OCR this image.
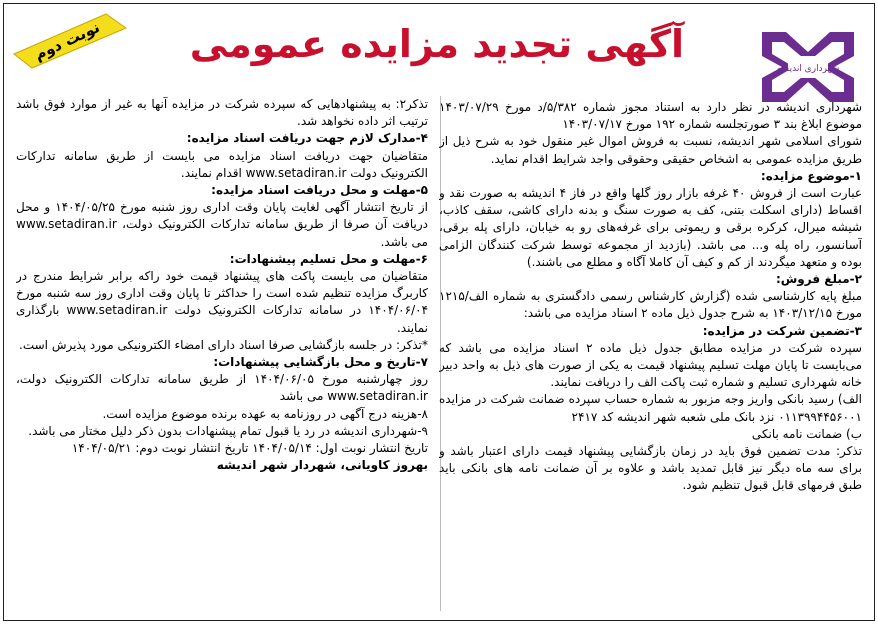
نوبت دوم آگهی تجدید مزایده عمومی
شهرداری اندیشه

شهرداری اندیشه در نظر دارد به استناد مجوز شماره ۵/۳۸۲/د مورخ ۱۴۰۳/۰۷/۲۹ موضوع ابلاغ بند ۳ صورتجلسه شماره ۱۹۲ مورخ ۱۴۰۳/۰۷/۱۷

شورای اسلامی شهر اندیشه، نسبت به فروش اموال غیر منقول خود به شرح ذیل از طریق مزایده عمومی به اشخاص حقیقی وحقوقی واجد شرایط اقدام نماید.

۱-موضوع مزایده:

عبارت است از فروش ۴۰ غرفه بازار روز گلها واقع در فاز ۴ اندیشه به صورت نقد و اقساط (دارای اسکلت بتنی، کف به صورت سنگ و بدنه دارای کاشی، سقف کاذب، شیشه میرال، کرکره برقی و ریموتی برای غرفه‌های رو به خیابان، دارای پله برقی، آسانسور، راه پله و... می باشد. (بازدید از مجموعه توسط شرکت کنندگان الزامی بوده و متعهد میگردند از کم و کیف آن کاملا آگاه و مطلع می باشند.)

۲-مبلغ فروش:

مبلغ پایه کارشناسی شده (گزارش کارشناس رسمی دادگستری به شماره الف/۱۲۱۵ مورخ ۱۴۰۳/۱۲/۱۵ به شرح جدول ذیل ماده ۲ اسناد مزایده می باشد:

۳-تضمین شرکت در مزایده:

سپرده شرکت در مزایده مطابق جدول ذیل ماده ۲ اسناد مزایده می باشد که می‌بایست تا پایان مهلت تسلیم پیشنهاد قیمت به یکی از صورت های ذیل به واحد دبیر خانه شهرداری تسلیم و شماره ثبت پاکت الف را دریافت نمایند.

الف) رسید بانکی واریز وجه مزبور به شماره حساب سپرده ضمانت شرکت در مزایده ۰۱۱۳۹۹۴۴۵۶۰۰۱ نزد بانک ملی شعبه شهر اندیشه کد ۲۴۱۷

ب) ضمانت نامه بانکی

تذکر: مدت تضمین فوق باید در زمان بازگشایی پیشنهاد قیمت دارای اعتبار باشد و برای سه ماه دیگر نیز قابل تمدید باشد و علاوه بر آن ضمانت نامه های بانکی باید طبق فرمهای قابل قبول تنظیم شود.

تذکر۲: به پیشنهادهایی که سپرده شرکت در مزایده آنها به غیر از موارد فوق باشد ترتیب اثر داده نخواهد شد.

۴-مدارک لازم جهت دریافت اسناد مزایده:

متقاضیان جهت دریافت اسناد مزایده می بایست از طریق سامانه تدارکات الکترونیک دولت www.setadiran.ir اقدام نمایند.

۵-مهلت و محل دریافت اسناد مزایده:

از تاریخ انتشار آگهی لغایت پایان وقت اداری روز شنبه مورخ ۱۴۰۴/۰۵/۲۵ و محل دریافت آن صرفا از طریق سامانه تدارکات الکترونیک دولت، www.setadiran.ir می باشد.

۶-مهلت و محل تسلیم پیشنهادات:

متقاضیان می بایست پاکت های پیشنهاد قیمت خود راکه برابر شرایط مندرج در کاربرگ مزایده تنظیم شده است را حداکثر تا پایان وقت اداری روز سه شنبه مورخ ۱۴۰۴/۰۶/۰۴ در سامانه تدارکات الکترونیک دولت www.setadiran.ir بارگذاری نمایند.

*تذکر: در جلسه بازگشایی صرفا اسناد دارای امضاء الکترونیکی مورد پذیرش است.

۷-تاریخ و محل بازگشایی پیشنهادات:

روز چهارشنبه مورخ ۱۴۰۴/۰۶/۰۵ از طریق سامانه تدارکات الکترونیک دولت، www.setadiran.ir می باشد

۸-هزینه درج آگهی در روزنامه به عهده برنده موضوع مزایده است.

۹-شهرداری اندیشه در رد یا قبول تمام پیشنهادات بدون ذکر دلیل مختار می باشد.

تاریخ انتشار نوبت اول: ۱۴۰۴/۰۵/۱۴ تاریخ انتشار نوبت دوم: ۱۴۰۴/۰۵/۲۱

بهروز کاویانی، شهردار شهر اندیشه
